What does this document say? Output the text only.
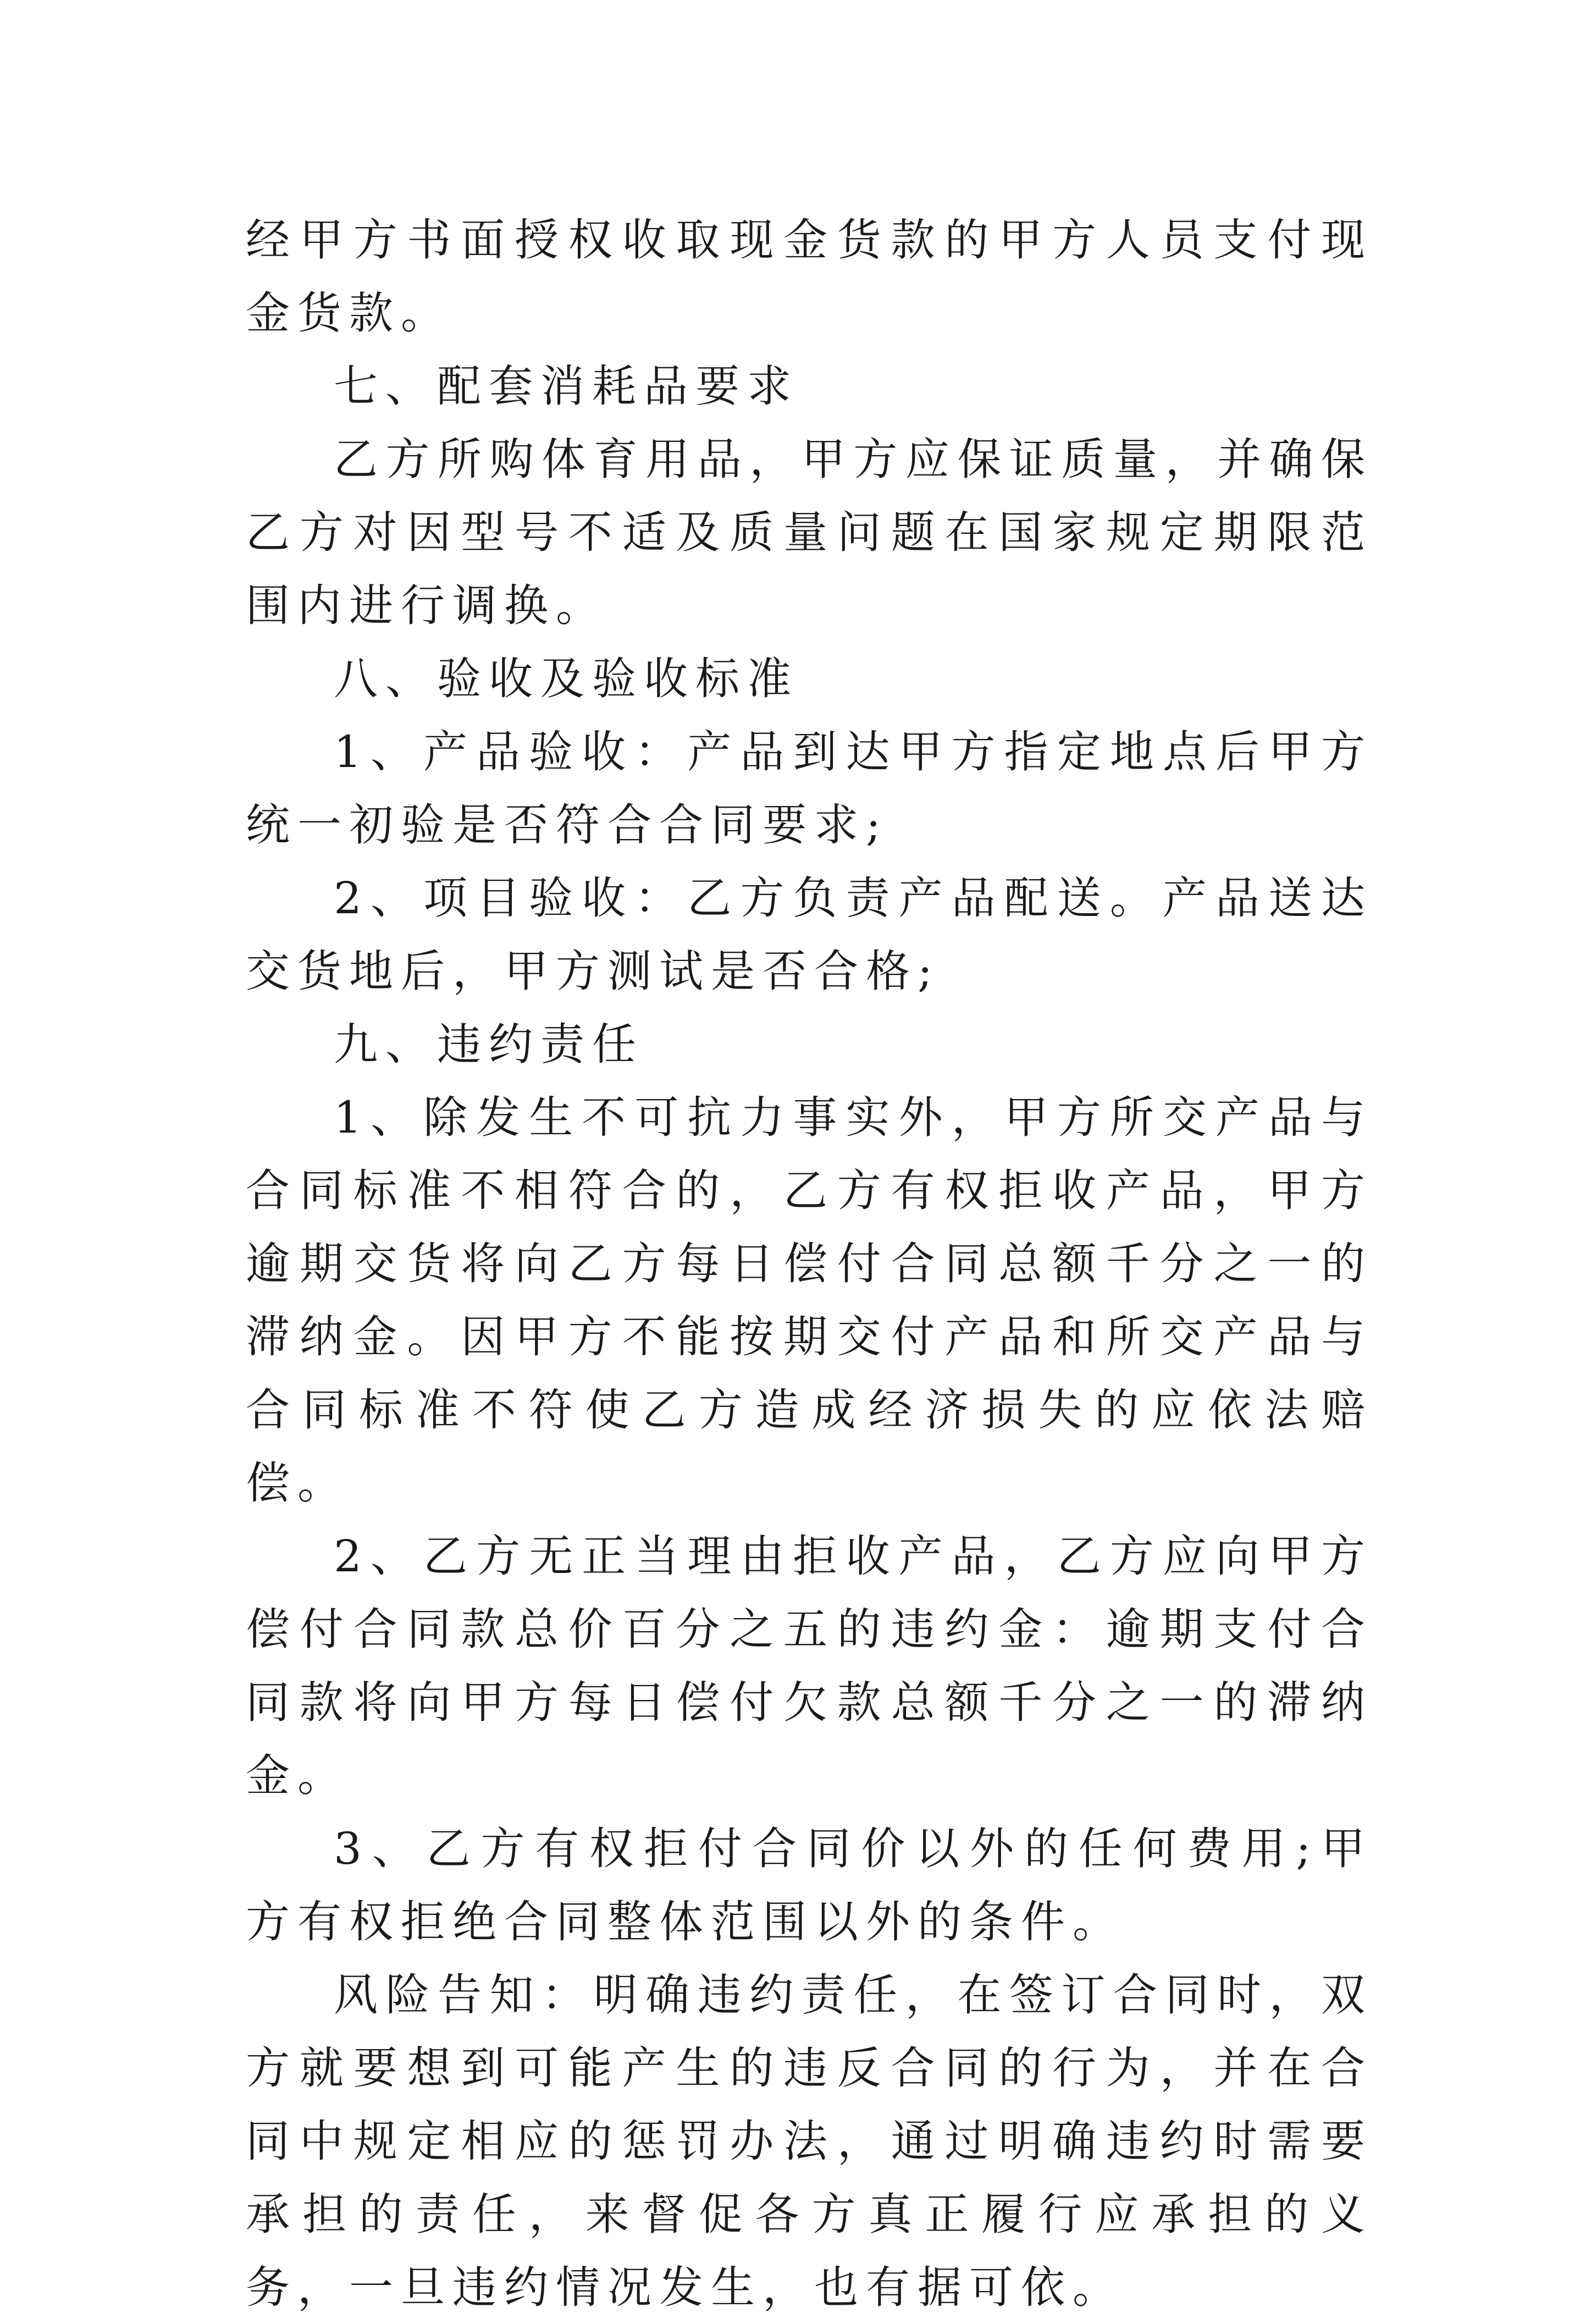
经甲方书面授权收取现金货款的甲方人员支付现金货款。

七、配套消耗品要求

乙方所购体育用品，甲方应保证质量，并确保乙方对因型号不适及质量问题在国家规定期限范围内进行调换。

八、验收及验收标准

1、产品验收：产品到达甲方指定地点后甲方统一初验是否符合合同要求;

2、项目验收：乙方负责产品配送。产品送达交货地后，甲方测试是否合格;

九、违约责任

1、除发生不可抗力事实外，甲方所交产品与合同标准不相符合的，乙方有权拒收产品，甲方逾期交货将向乙方每日偿付合同总额千分之一的滞纳金。因甲方不能按期交付产品和所交产品与合同标准不符使乙方造成经济损失的应依法赔偿。

2、乙方无正当理由拒收产品，乙方应向甲方偿付合同款总价百分之五的违约金：逾期支付合同款将向甲方每日偿付欠款总额千分之一的滞纳金。

3、乙方有权拒付合同价以外的任何费用;甲方有权拒绝合同整体范围以外的条件。

风险告知：明确违约责任，在签订合同时，双方就要想到可能产生的违反合同的行为，并在合同中规定相应的惩罚办法，通过明确违约时需要承担的责任，来督促各方真正履行应承担的义务，一旦违约情况发生，也有据可依。
